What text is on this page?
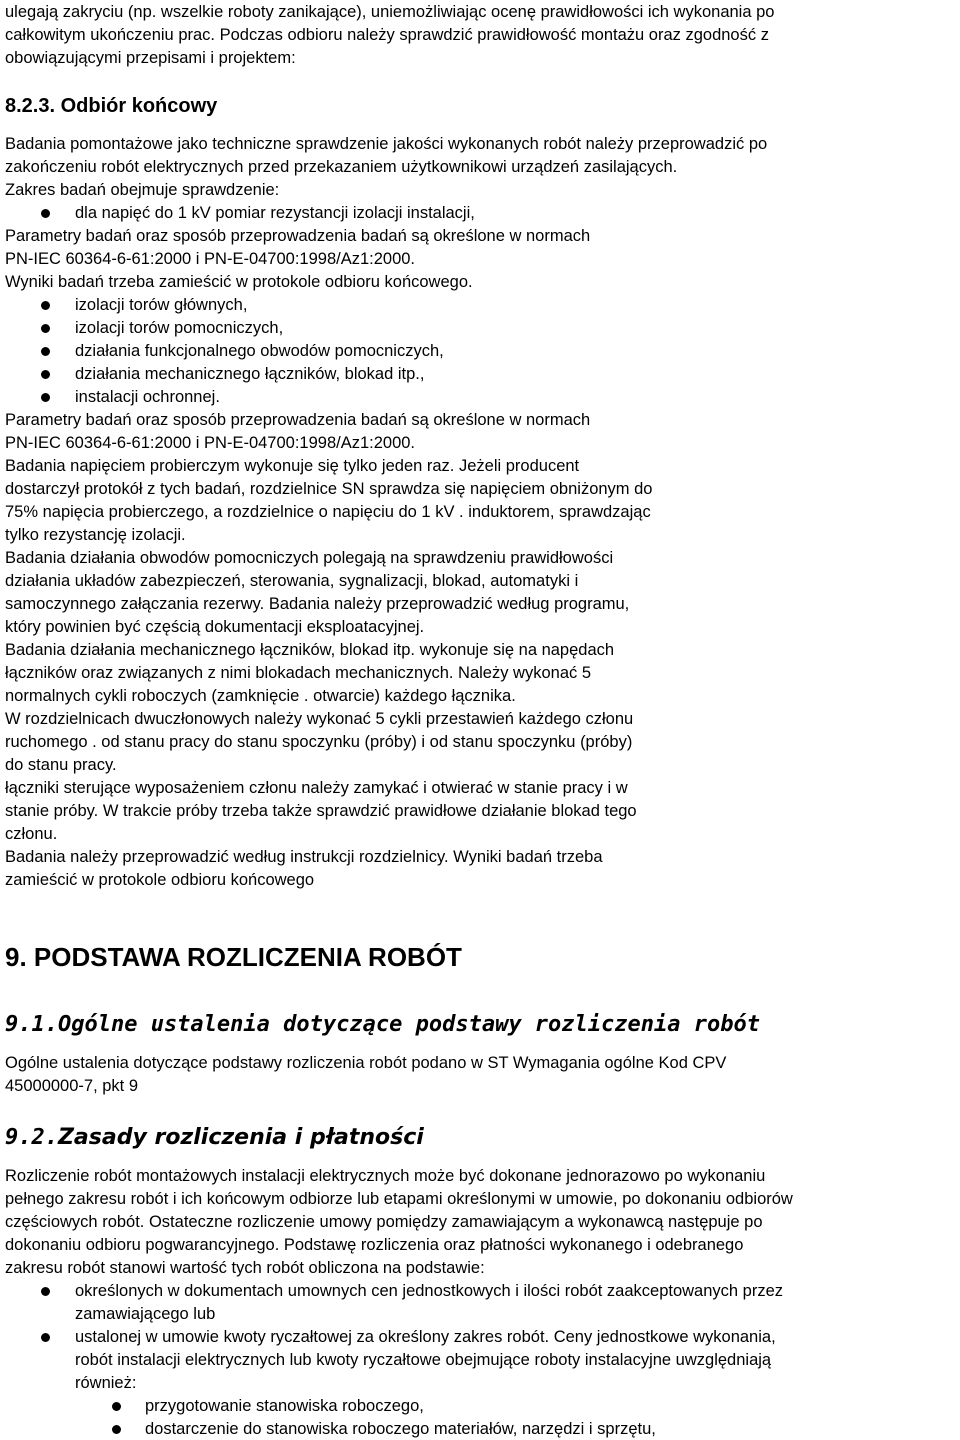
ulegają zakryciu (np. wszelkie roboty zanikające), uniemożliwiając ocenę prawidłowości ich wykonania po
całkowitym ukończeniu prac. Podczas odbioru należy sprawdzić prawidłowość montażu oraz zgodność z
obowiązującymi przepisami i projektem:
8.2.3. Odbiór końcowy
Badania pomontażowe jako techniczne sprawdzenie jakości wykonanych robót należy przeprowadzić po
zakończeniu robót elektrycznych przed przekazaniem użytkownikowi urządzeń zasilających.
Zakres badań obejmuje sprawdzenie:
dla napięć do 1 kV pomiar rezystancji izolacji instalacji,
Parametry badań oraz sposób przeprowadzenia badań są określone w normach
PN-IEC 60364-6-61:2000 i PN-E-04700:1998/Az1:2000.
Wyniki badań trzeba zamieścić w protokole odbioru końcowego.
izolacji torów głównych,
izolacji torów pomocniczych,
działania funkcjonalnego obwodów pomocniczych,
działania mechanicznego łączników, blokad itp.,
instalacji ochronnej.
Parametry badań oraz sposób przeprowadzenia badań są określone w normach
PN-IEC 60364-6-61:2000 i PN-E-04700:1998/Az1:2000.
Badania napięciem probierczym wykonuje się tylko jeden raz. Jeżeli producent
dostarczył protokół z tych badań, rozdzielnice SN sprawdza się napięciem obniżonym do
75% napięcia probierczego, a rozdzielnice o napięciu do 1 kV . induktorem, sprawdzając
tylko rezystancję izolacji.
Badania działania obwodów pomocniczych polegają na sprawdzeniu prawidłowości
działania układów zabezpieczeń, sterowania, sygnalizacji, blokad, automatyki i
samoczynnego załączania rezerwy. Badania należy przeprowadzić według programu,
który powinien być częścią dokumentacji eksploatacyjnej.
Badania działania mechanicznego łączników, blokad itp. wykonuje się na napędach
łączników oraz związanych z nimi blokadach mechanicznych. Należy wykonać 5
normalnych cykli roboczych (zamknięcie . otwarcie) każdego łącznika.
W rozdzielnicach dwuczłonowych należy wykonać 5 cykli przestawień każdego członu
ruchomego . od stanu pracy do stanu spoczynku (próby) i od stanu spoczynku (próby)
do stanu pracy.
łączniki sterujące wyposażeniem członu należy zamykać i otwierać w stanie pracy i w
stanie próby. W trakcie próby trzeba także sprawdzić prawidłowe działanie blokad tego
członu.
Badania należy przeprowadzić według instrukcji rozdzielnicy. Wyniki badań trzeba
zamieścić w protokole odbioru końcowego
9. PODSTAWA ROZLICZENIA ROBÓT
9.1.Ogólne ustalenia dotyczące podstawy rozliczenia robót
Ogólne ustalenia dotyczące podstawy rozliczenia robót podano w ST Wymagania ogólne Kod CPV
45000000-7, pkt 9
9.2.Zasady rozliczenia i płatności
Rozliczenie robót montażowych instalacji elektrycznych może być dokonane jednorazowo po wykonaniu
pełnego zakresu robót i ich końcowym odbiorze lub etapami określonymi w umowie, po dokonaniu odbiorów
częściowych robót. Ostateczne rozliczenie umowy pomiędzy zamawiającym a wykonawcą następuje po
dokonaniu odbioru pogwarancyjnego. Podstawę rozliczenia oraz płatności wykonanego i odebranego
zakresu robót stanowi wartość tych robót obliczona na podstawie:
określonych w dokumentach umownych cen jednostkowych i ilości robót zaakceptowanych przez
zamawiającego lub
ustalonej w umowie kwoty ryczałtowej za określony zakres robót. Ceny jednostkowe wykonania,
robót instalacji elektrycznych lub kwoty ryczałtowe obejmujące roboty instalacyjne uwzględniają
również:
przygotowanie stanowiska roboczego,
dostarczenie do stanowiska roboczego materiałów, narzędzi i sprzętu,
